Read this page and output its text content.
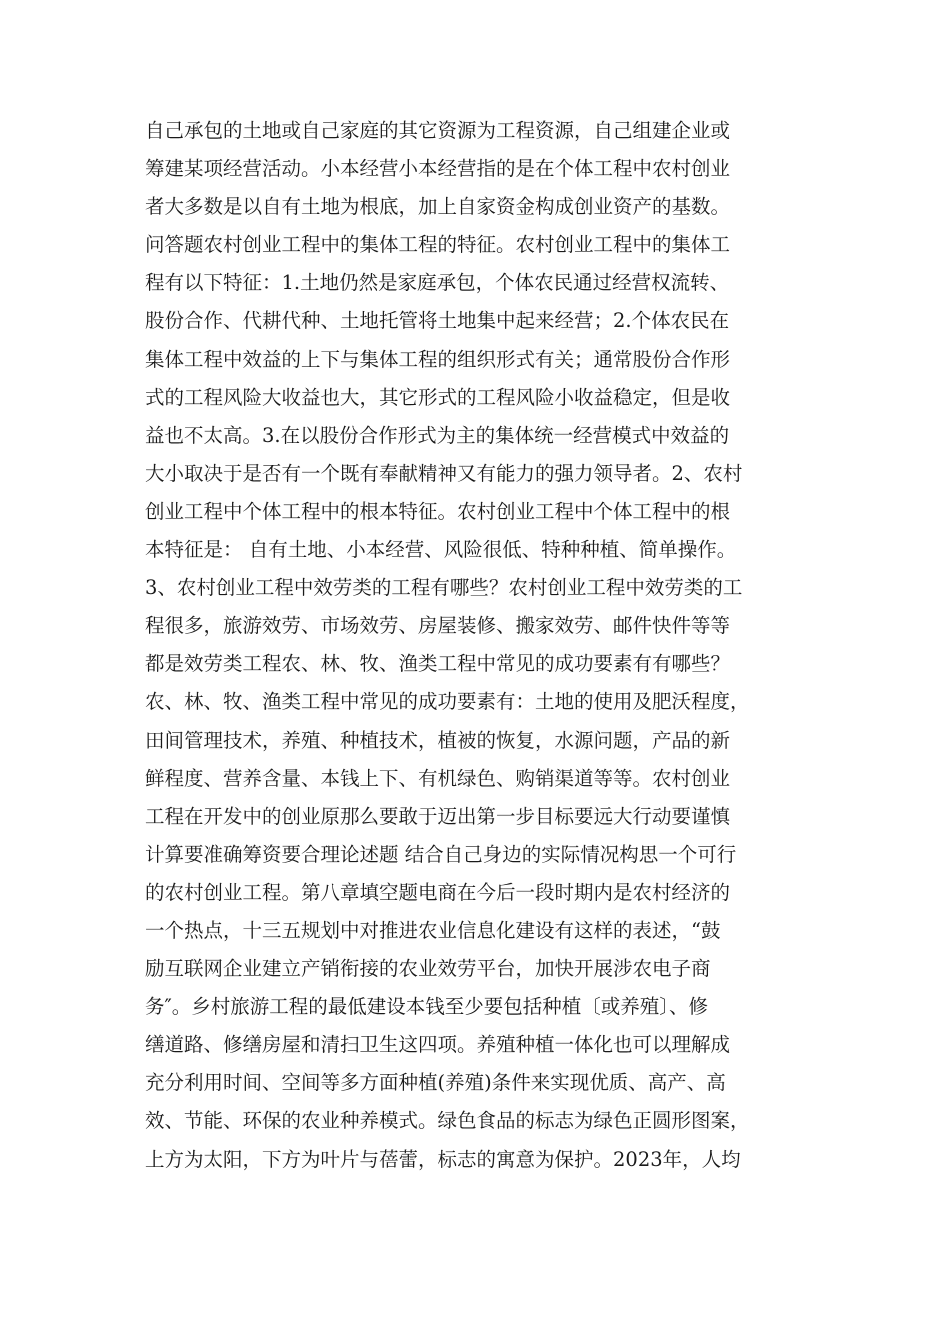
自己承包的土地或自己家庭的其它资源为工程资源，自己组建企业或
筹建某项经营活动。小本经营小本经营指的是在个体工程中农村创业
者大多数是以自有土地为根底，加上自家资金构成创业资产的基数。
问答题农村创业工程中的集体工程的特征。农村创业工程中的集体工
程有以下特征：1.土地仍然是家庭承包，个体农民通过经营权流转、
股份合作、代耕代种、土地托管将土地集中起来经营；2.个体农民在
集体工程中效益的上下与集体工程的组织形式有关；通常股份合作形
式的工程风险大收益也大，其它形式的工程风险小收益稳定，但是收
益也不太高。3.在以股份合作形式为主的集体统一经营模式中效益的
大小取决于是否有一个既有奉献精神又有能力的强力领导者。2、农村
创业工程中个体工程中的根本特征。农村创业工程中个体工程中的根
本特征是： 自有土地、小本经营、风险很低、特种种植、简单操作。
3、农村创业工程中效劳类的工程有哪些？农村创业工程中效劳类的工
程很多，旅游效劳、市场效劳、房屋装修、搬家效劳、邮件快件等等
都是效劳类工程农、林、牧、渔类工程中常见的成功要素有有哪些？
农、林、牧、渔类工程中常见的成功要素有：土地的使用及肥沃程度，
田间管理技术，养殖、种植技术，植被的恢复，水源问题，产品的新
鲜程度、营养含量、本钱上下、有机绿色、购销渠道等等。农村创业
工程在开发中的创业原那么要敢于迈出第一步目标要远大行动要谨慎
计算要准确筹资要合理论述题 结合自己身边的实际情况构思一个可行
的农村创业工程。第八章填空题电商在今后一段时期内是农村经济的
一个热点，十三五规划中对推进农业信息化建设有这样的表述，“鼓
励互联网企业建立产销衔接的农业效劳平台，加快开展涉农电子商
务″。乡村旅游工程的最低建设本钱至少要包括种植〔或养殖〕、修
缮道路、修缮房屋和清扫卫生这四项。养殖种植一体化也可以理解成
充分利用时间、空间等多方面种植(养殖)条件来实现优质、高产、高
效、节能、环保的农业种养模式。绿色食品的标志为绿色正圆形图案，
上方为太阳，下方为叶片与蓓蕾，标志的寓意为保护。2023年，人均
